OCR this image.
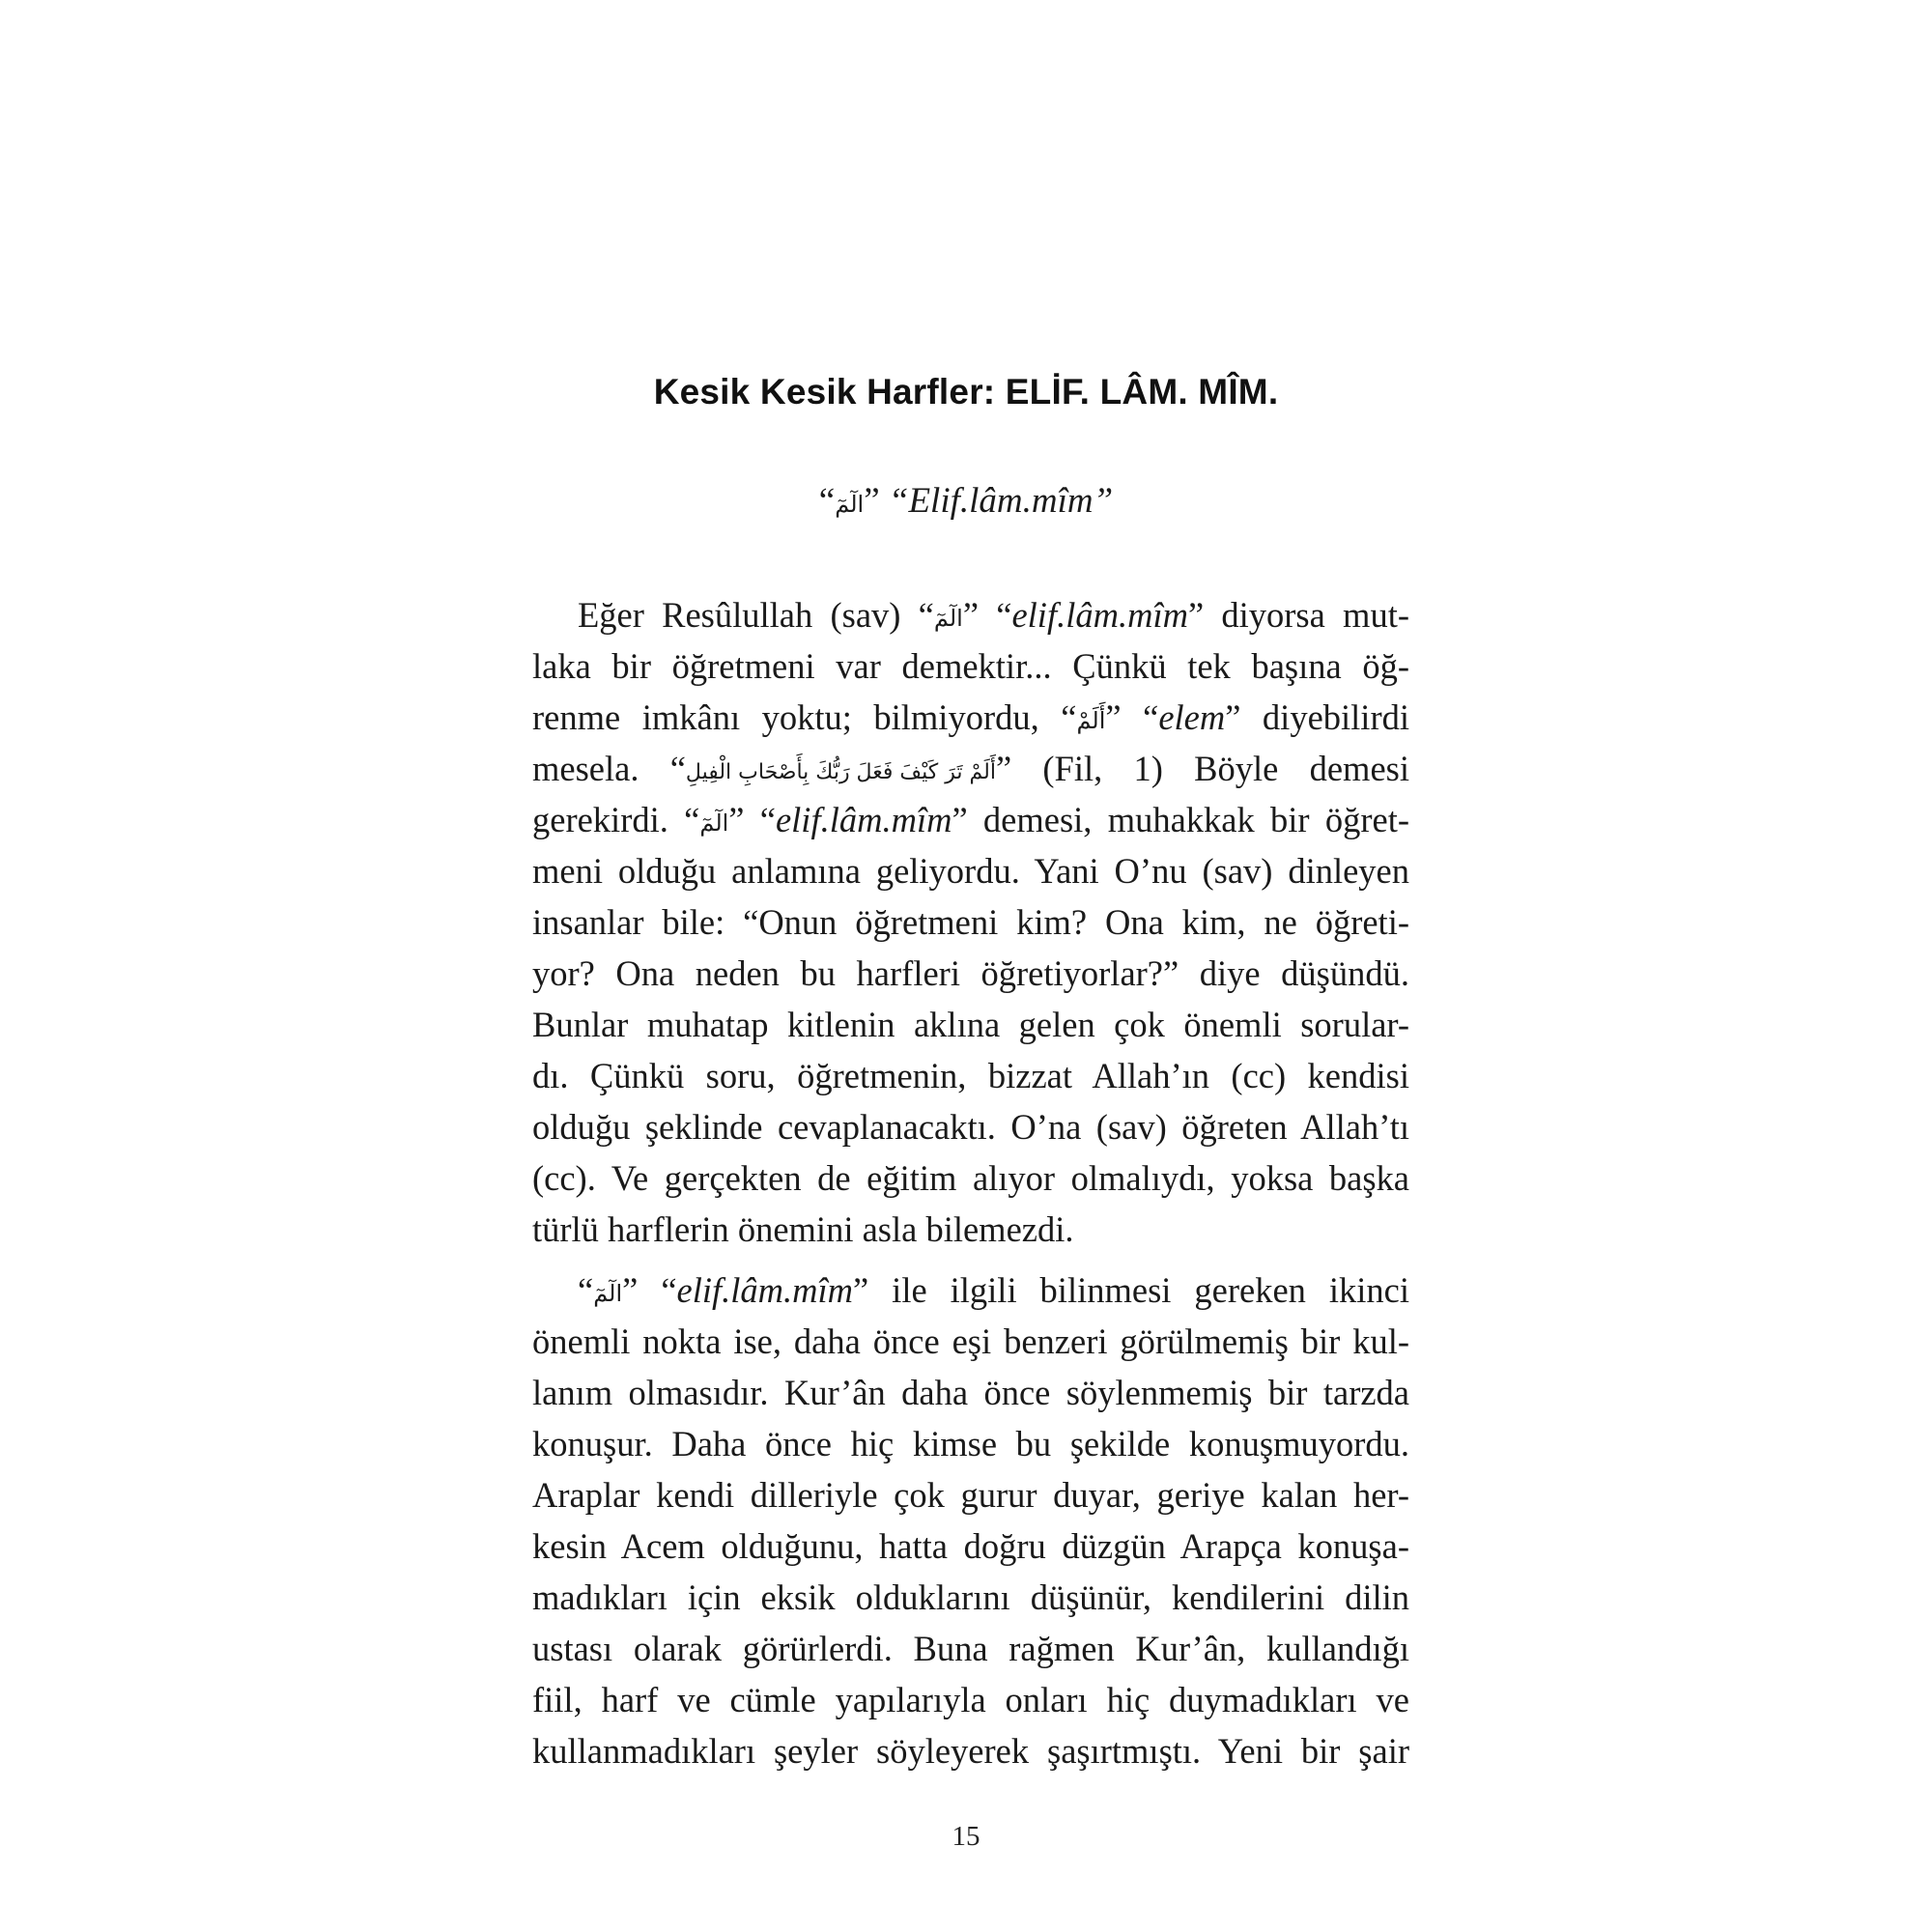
Kesik Kesik Harfler: ELİF. LÂM. MÎM.
“الٓمٓ” “Elif.lâm.mîm”
Eğer Resûlullah (sav) “الٓمٓ” “elif.lâm.mîm” diyorsa mut-
laka bir öğretmeni var demektir... Çünkü tek başına öğ-
renme imkânı yoktu; bilmiyordu, “أَلَمْ” “elem” diyebilirdi
mesela. “أَلَمْ تَرَ كَيْفَ فَعَلَ رَبُّكَ بِأَصْحَابِ الْفِيلِ” (Fil, 1) Böyle demesi
gerekirdi. “الٓمٓ” “elif.lâm.mîm” demesi, muhakkak bir öğret-
meni olduğu anlamına geliyordu. Yani O’nu (sav) dinleyen
insanlar bile: “Onun öğretmeni kim? Ona kim, ne öğreti-
yor? Ona neden bu harfleri öğretiyorlar?” diye düşündü.
Bunlar muhatap kitlenin aklına gelen çok önemli sorular-
dı. Çünkü soru, öğretmenin, bizzat Allah’ın (cc) kendisi
olduğu şeklinde cevaplanacaktı. O’na (sav) öğreten Allah’tı
(cc). Ve gerçekten de eğitim alıyor olmalıydı, yoksa başka
türlü harflerin önemini asla bilemezdi.
“الٓمٓ” “elif.lâm.mîm” ile ilgili bilinmesi gereken ikinci
önemli nokta ise, daha önce eşi benzeri görülmemiş bir kul-
lanım olmasıdır. Kur’ân daha önce söylenmemiş bir tarzda
konuşur. Daha önce hiç kimse bu şekilde konuşmuyordu.
Araplar kendi dilleriyle çok gurur duyar, geriye kalan her-
kesin Acem olduğunu, hatta doğru düzgün Arapça konuşa-
madıkları için eksik olduklarını düşünür, kendilerini dilin
ustası olarak görürlerdi. Buna rağmen Kur’ân, kullandığı
fiil, harf ve cümle yapılarıyla onları hiç duymadıkları ve
kullanmadıkları şeyler söyleyerek şaşırtmıştı. Yeni bir şair
15
